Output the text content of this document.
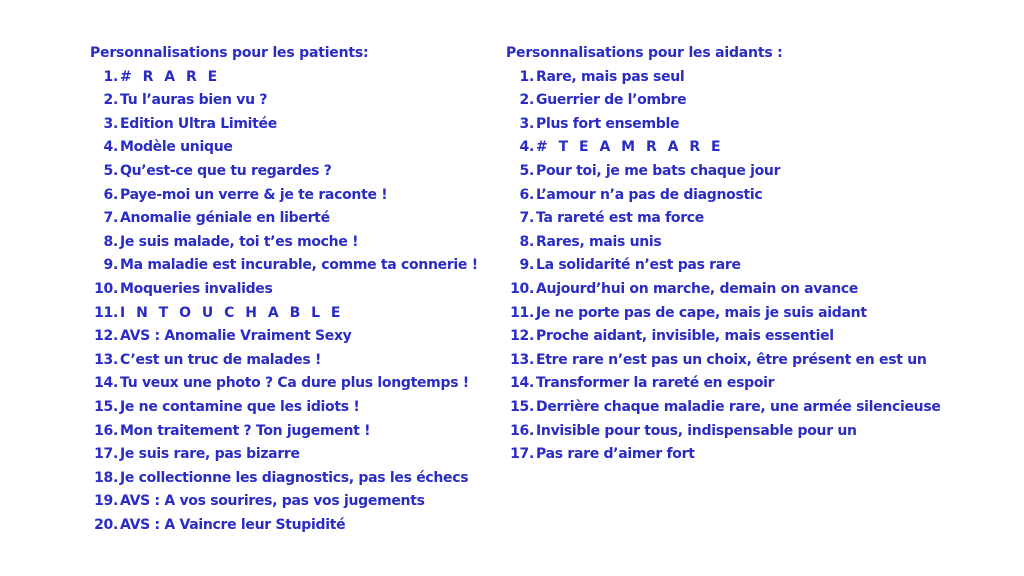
Personnalisations pour les patients:
1. # R A R E
2. Tu l’auras bien vu ?
3. Edition Ultra Limitée
4. Modèle unique
5. Qu’est-ce que tu regardes ?
6. Paye-moi un verre & je te raconte !
7. Anomalie géniale en liberté
8. Je suis malade, toi t’es moche !
9. Ma maladie est incurable, comme ta connerie !
10. Moqueries invalides
11. I N T O U C H A B L E
12. AVS : Anomalie Vraiment Sexy
13. C’est un truc de malades !
14. Tu veux une photo ? Ca dure plus longtemps !
15. Je ne contamine que les idiots !
16. Mon traitement ? Ton jugement !
17. Je suis rare, pas bizarre
18. Je collectionne les diagnostics, pas les échecs
19. AVS : A vos sourires, pas vos jugements
20. AVS : A Vaincre leur Stupidité
Personnalisations pour les aidants :
1. Rare, mais pas seul
2. Guerrier de l’ombre
3. Plus fort ensemble
4. # T E A M R A R E
5. Pour toi, je me bats chaque jour
6. L’amour n’a pas de diagnostic
7. Ta rareté est ma force
8. Rares, mais unis
9. La solidarité n’est pas rare
10. Aujourd’hui on marche, demain on avance
11. Je ne porte pas de cape, mais je suis aidant
12. Proche aidant, invisible, mais essentiel
13. Etre rare n’est pas un choix, être présent en est un
14. Transformer la rareté en espoir
15. Derrière chaque maladie rare, une armée silencieuse
16. Invisible pour tous, indispensable pour un
17. Pas rare d’aimer fort
